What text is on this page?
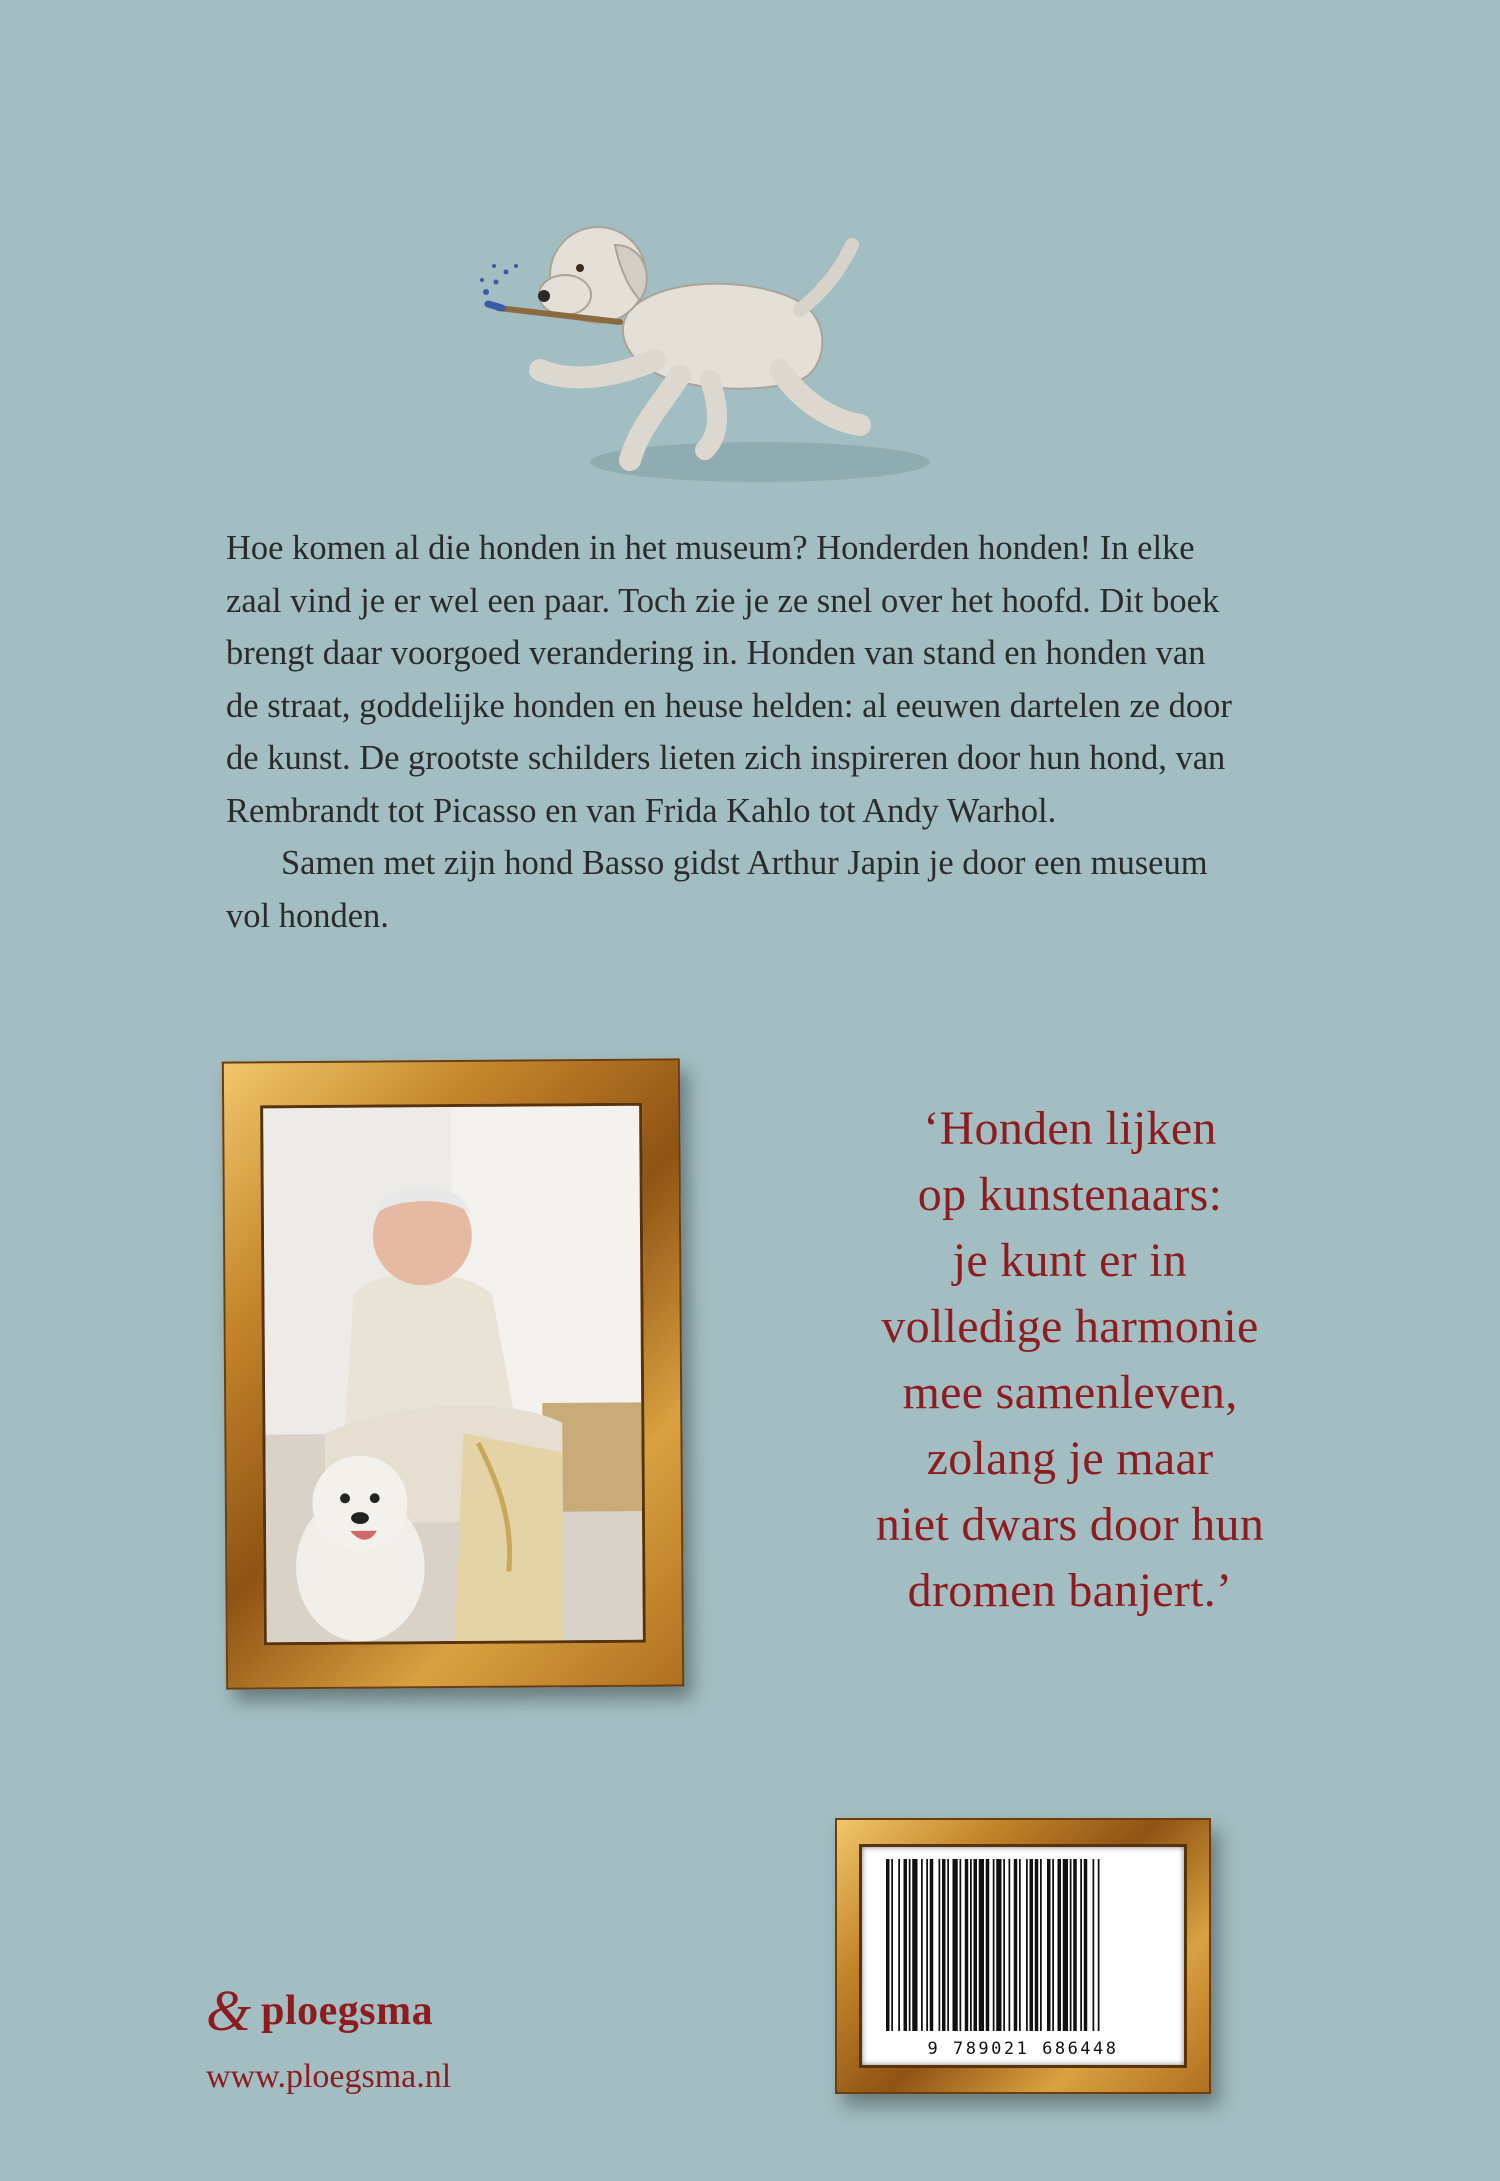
Hoe komen al die honden in het museum? Honderden honden! In elke zaal vind je er wel een paar. Toch zie je ze snel over het hoofd. Dit boek brengt daar voorgoed verandering in. Honden van stand en honden van de straat, goddelijke honden en heuse helden: al eeuwen dartelen ze door de kunst. De grootste schilders lieten zich inspireren door hun hond, van Rembrandt tot Picasso en van Frida Kahlo tot Andy Warhol.

Samen met zijn hond Basso gidst Arthur Japin je door een museum vol honden.

‘Honden lijken
op kunstenaars:
je kunt er in
volledige harmonie
mee samenleven,
zolang je maar
niet dwars door hun
dromen banjert.’
9 789021 686448
& ploegsma
www.ploegsma.nl
